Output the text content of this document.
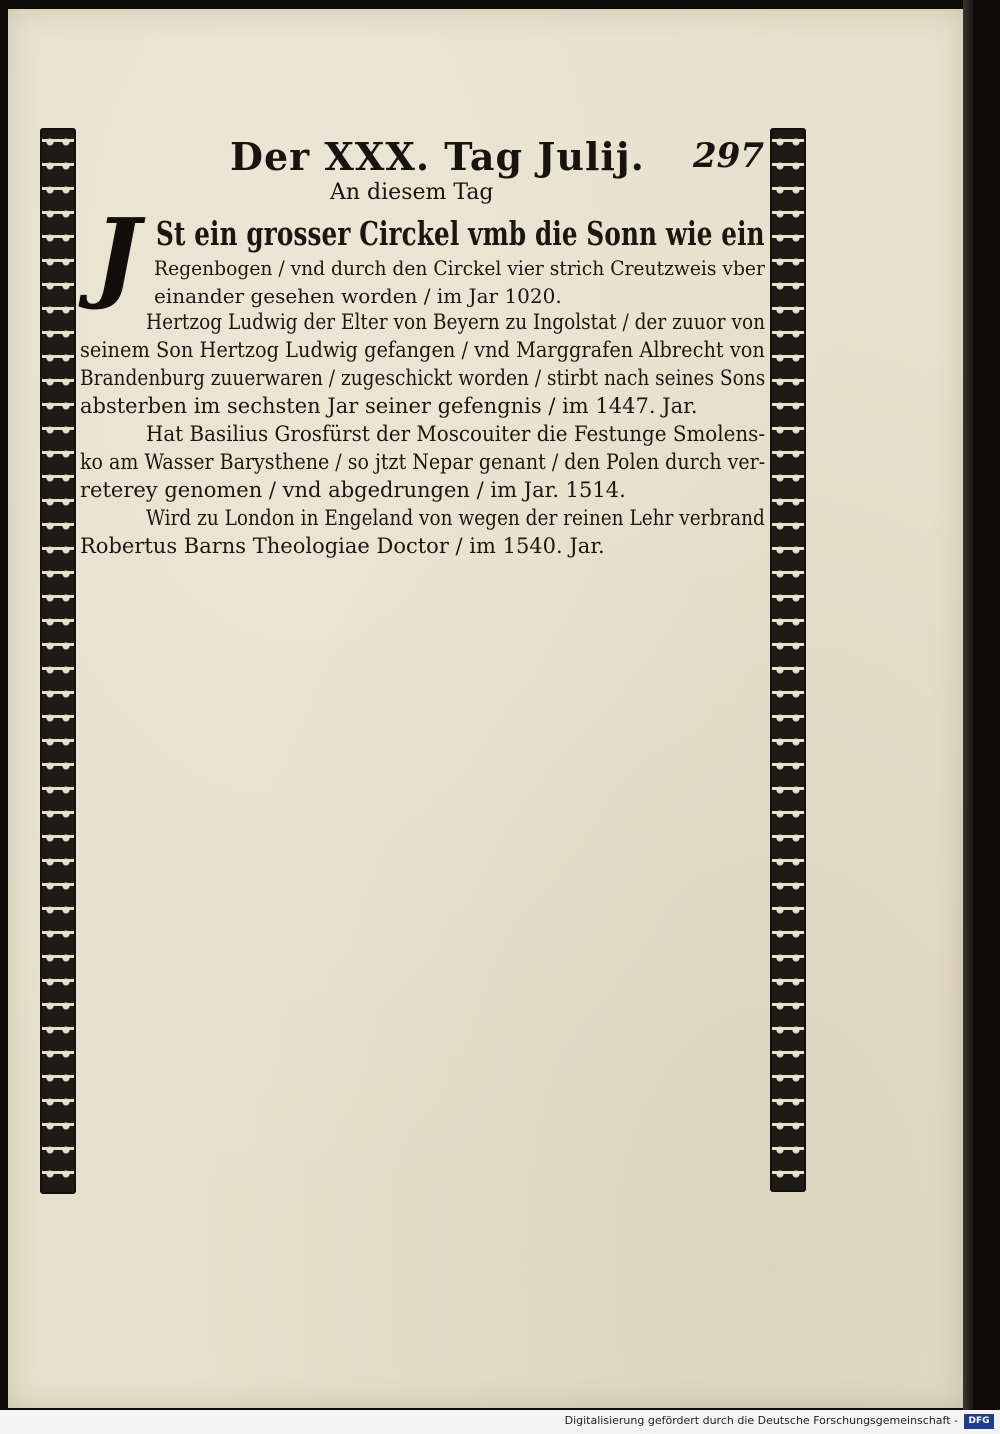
Der XXX. Tag Julij. 297
An diesem Tag
J St ein grosser Circkel vmb die Sonn wie ein
Regenbogen / vnd durch den Circkel vier strich Creutzweis vber
einander gesehen worden / im Jar 1020.
Hertzog Ludwig der Elter von Beyern zu Ingolstat / der zuuor von
seinem Son Hertzog Ludwig gefangen / vnd Marggrafen Albrecht von
Brandenburg zuuerwaren / zugeschickt worden / stirbt nach seines Sons
absterben im sechsten Jar seiner gefengnis / im 1447. Jar.
Hat Basilius Grosfürst der Moscouiter die Festunge Smolens-
ko am Wasser Barysthene / so jtzt Nepar genant / den Polen durch ver-
reterey genomen / vnd abgedrungen / im Jar. 1514.
Wird zu London in Engeland von wegen der reinen Lehr verbrand
Robertus Barns Theologiae Doctor / im 1540. Jar.
Digitalisierung gefördert durch die Deutsche Forschungsgemeinschaft -	DFG
